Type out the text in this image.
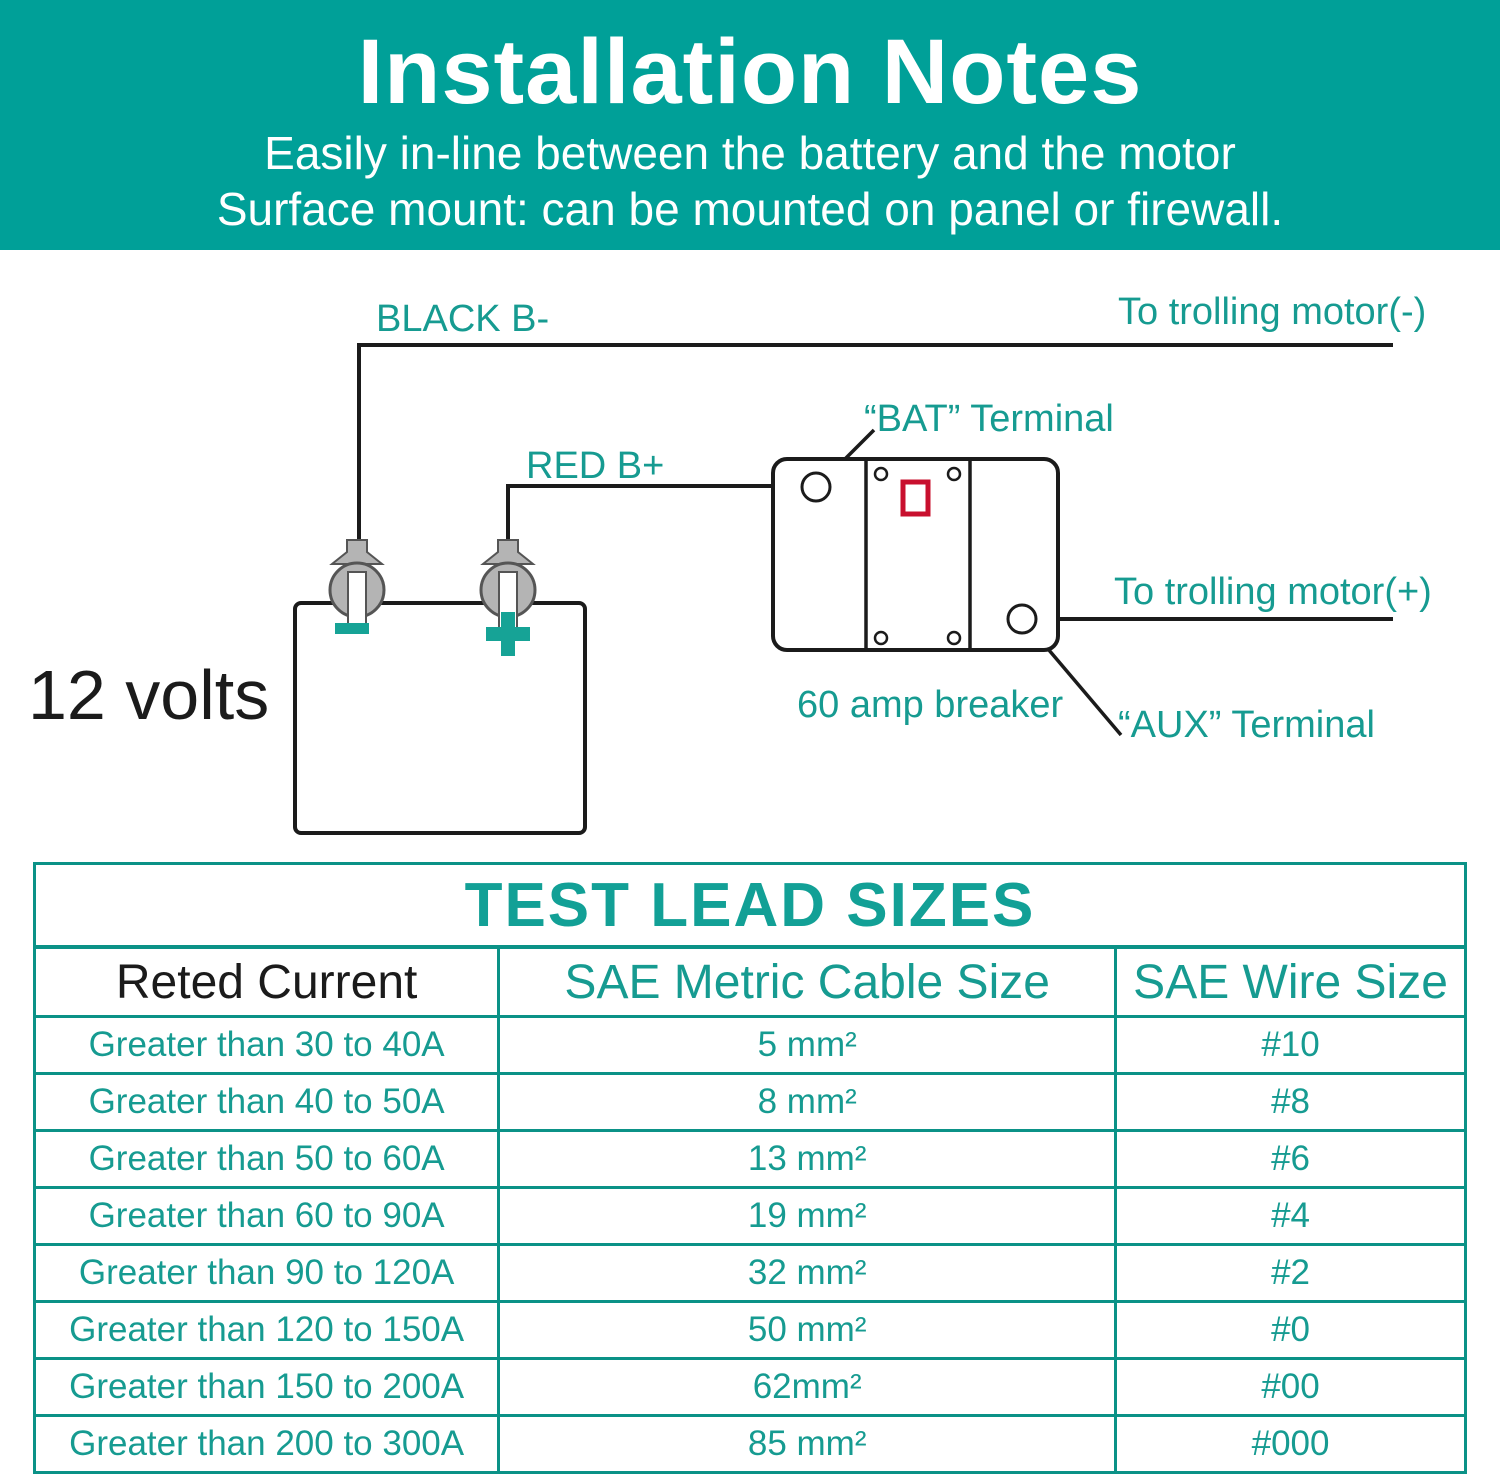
Installation Notes
Easily in-line between the battery and the motor
Surface mount: can be mounted on panel or firewall.
BLACK B-
RED B+
“BAT” Terminal
To trolling motor(-)
To trolling motor(+)
“AUX” Terminal
60 amp breaker
12 volts
TEST LEAD SIZES
Reted Current	SAE Metric Cable Size	SAE Wire Size
Greater than 30 to 40A	5 mm²	#10
Greater than 40 to 50A	8 mm²	#8
Greater than 50 to 60A	13 mm²	#6
Greater than 60 to 90A	19 mm²	#4
Greater than 90 to 120A	32 mm²	#2
Greater than 120 to 150A	50 mm²	#0
Greater than 150 to 200A	62mm²	#00
Greater than 200 to 300A	85 mm²	#000
